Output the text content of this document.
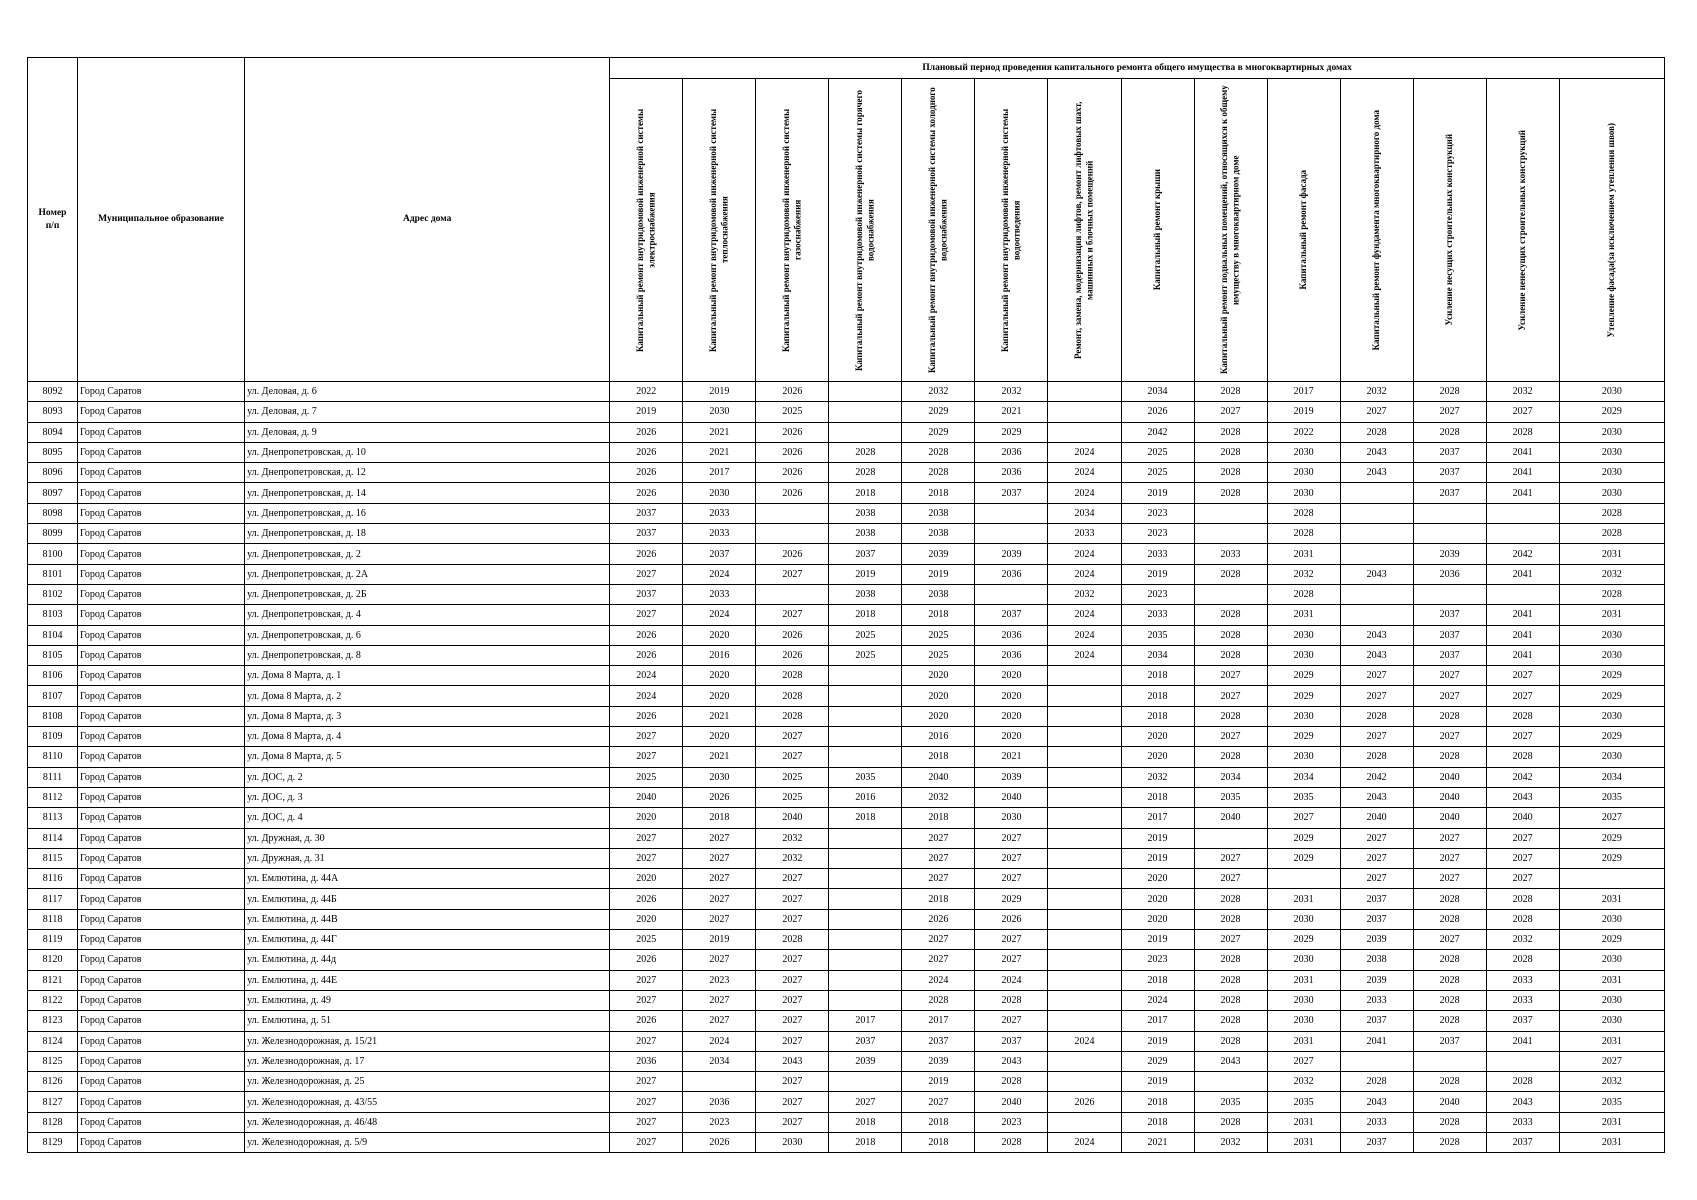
Номер п/п	Муниципальное образование	Адрес дома	Плановый период проведения капитального ремонта общего имущества в многоквартирных домах													

			Капитальный ремонт внутридомовой инженерной системы электроснабжения	Капитальный ремонт внутридомовой инженерной системы теплоснабжения	Капитальный ремонт внутридомовой инженерной системы газоснабжения	Капитальный ремонт внутридомовой инженерной системы горячего водоснабжения	Капитальный ремонт внутридомовой инженерной системы холодного водоснабжения	Капитальный ремонт внутридомовой инженерной системы водоотведения	Ремонт, замена, модернизация лифтов, ремонт лифтовых шахт, машинных и блочных помещений	Капитальный ремонт крыши	Капитальный ремонт подвальных помещений, относящихся к общему имуществу в многоквартирном доме	Капитальный ремонт фасада	Капитальный ремонт фундамента многоквартирного дома	Усиление несущих строительных конструкций	Усиление ненесущих строительных конструкций	Утепление фасада(за исключением утепления швов)

8092	Город Саратов	ул. Деловая, д. 6	2022	2019	2026		2032	2032		2034	2028	2017	2032	2028	2032	2030
8093	Город Саратов	ул. Деловая, д. 7	2019	2030	2025		2029	2021		2026	2027	2019	2027	2027	2027	2029
8094	Город Саратов	ул. Деловая, д. 9	2026	2021	2026		2029	2029		2042	2028	2022	2028	2028	2028	2030
8095	Город Саратов	ул. Днепропетровская, д. 10	2026	2021	2026	2028	2028	2036	2024	2025	2028	2030	2043	2037	2041	2030
8096	Город Саратов	ул. Днепропетровская, д. 12	2026	2017	2026	2028	2028	2036	2024	2025	2028	2030	2043	2037	2041	2030
8097	Город Саратов	ул. Днепропетровская, д. 14	2026	2030	2026	2018	2018	2037	2024	2019	2028	2030		2037	2041	2030
8098	Город Саратов	ул. Днепропетровская, д. 16	2037	2033		2038	2038		2034	2023		2028				2028
8099	Город Саратов	ул. Днепропетровская, д. 18	2037	2033		2038	2038		2033	2023		2028				2028
8100	Город Саратов	ул. Днепропетровская, д. 2	2026	2037	2026	2037	2039	2039	2024	2033	2033	2031		2039	2042	2031
8101	Город Саратов	ул. Днепропетровская, д. 2А	2027	2024	2027	2019	2019	2036	2024	2019	2028	2032	2043	2036	2041	2032
8102	Город Саратов	ул. Днепропетровская, д. 2Б	2037	2033		2038	2038		2032	2023		2028				2028
8103	Город Саратов	ул. Днепропетровская, д. 4	2027	2024	2027	2018	2018	2037	2024	2033	2028	2031		2037	2041	2031
8104	Город Саратов	ул. Днепропетровская, д. 6	2026	2020	2026	2025	2025	2036	2024	2035	2028	2030	2043	2037	2041	2030
8105	Город Саратов	ул. Днепропетровская, д. 8	2026	2016	2026	2025	2025	2036	2024	2034	2028	2030	2043	2037	2041	2030
8106	Город Саратов	ул. Дома 8 Марта, д. 1	2024	2020	2028		2020	2020		2018	2027	2029	2027	2027	2027	2029
8107	Город Саратов	ул. Дома 8 Марта, д. 2	2024	2020	2028		2020	2020		2018	2027	2029	2027	2027	2027	2029
8108	Город Саратов	ул. Дома 8 Марта, д. 3	2026	2021	2028		2020	2020		2018	2028	2030	2028	2028	2028	2030
8109	Город Саратов	ул. Дома 8 Марта, д. 4	2027	2020	2027		2016	2020		2020	2027	2029	2027	2027	2027	2029
8110	Город Саратов	ул. Дома 8 Марта, д. 5	2027	2021	2027		2018	2021		2020	2028	2030	2028	2028	2028	2030
8111	Город Саратов	ул. ДОС, д. 2	2025	2030	2025	2035	2040	2039		2032	2034	2034	2042	2040	2042	2034
8112	Город Саратов	ул. ДОС, д. 3	2040	2026	2025	2016	2032	2040		2018	2035	2035	2043	2040	2043	2035
8113	Город Саратов	ул. ДОС, д. 4	2020	2018	2040	2018	2018	2030		2017	2040	2027	2040	2040	2040	2027
8114	Город Саратов	ул. Дружная, д. 30	2027	2027	2032		2027	2027		2019		2029	2027	2027	2027	2029
8115	Город Саратов	ул. Дружная, д. 31	2027	2027	2032		2027	2027		2019	2027	2029	2027	2027	2027	2029
8116	Город Саратов	ул. Емлютина, д. 44А	2020	2027	2027		2027	2027		2020	2027		2027	2027	2027	
8117	Город Саратов	ул. Емлютина, д. 44Б	2026	2027	2027		2018	2029		2020	2028	2031	2037	2028	2028	2031
8118	Город Саратов	ул. Емлютина, д. 44В	2020	2027	2027		2026	2026		2020	2028	2030	2037	2028	2028	2030
8119	Город Саратов	ул. Емлютина, д. 44Г	2025	2019	2028		2027	2027		2019	2027	2029	2039	2027	2032	2029
8120	Город Саратов	ул. Емлютина, д. 44д	2026	2027	2027		2027	2027		2023	2028	2030	2038	2028	2028	2030
8121	Город Саратов	ул. Емлютина, д. 44Е	2027	2023	2027		2024	2024		2018	2028	2031	2039	2028	2033	2031
8122	Город Саратов	ул. Емлютина, д. 49	2027	2027	2027		2028	2028		2024	2028	2030	2033	2028	2033	2030
8123	Город Саратов	ул. Емлютина, д. 51	2026	2027	2027	2017	2017	2027		2017	2028	2030	2037	2028	2037	2030
8124	Город Саратов	ул. Железнодорожная, д. 15/21	2027	2024	2027	2037	2037	2037	2024	2019	2028	2031	2041	2037	2041	2031
8125	Город Саратов	ул. Железнодорожная, д. 17	2036	2034	2043	2039	2039	2043		2029	2043	2027				2027
8126	Город Саратов	ул. Железнодорожная, д. 25	2027		2027		2019	2028		2019		2032	2028	2028	2028	2032
8127	Город Саратов	ул. Железнодорожная, д. 43/55	2027	2036	2027	2027	2027	2040	2026	2018	2035	2035	2043	2040	2043	2035
8128	Город Саратов	ул. Железнодорожная, д. 46/48	2027	2023	2027	2018	2018	2023		2018	2028	2031	2033	2028	2033	2031
8129	Город Саратов	ул. Железнодорожная, д. 5/9	2027	2026	2030	2018	2018	2028	2024	2021	2032	2031	2037	2028	2037	2031
